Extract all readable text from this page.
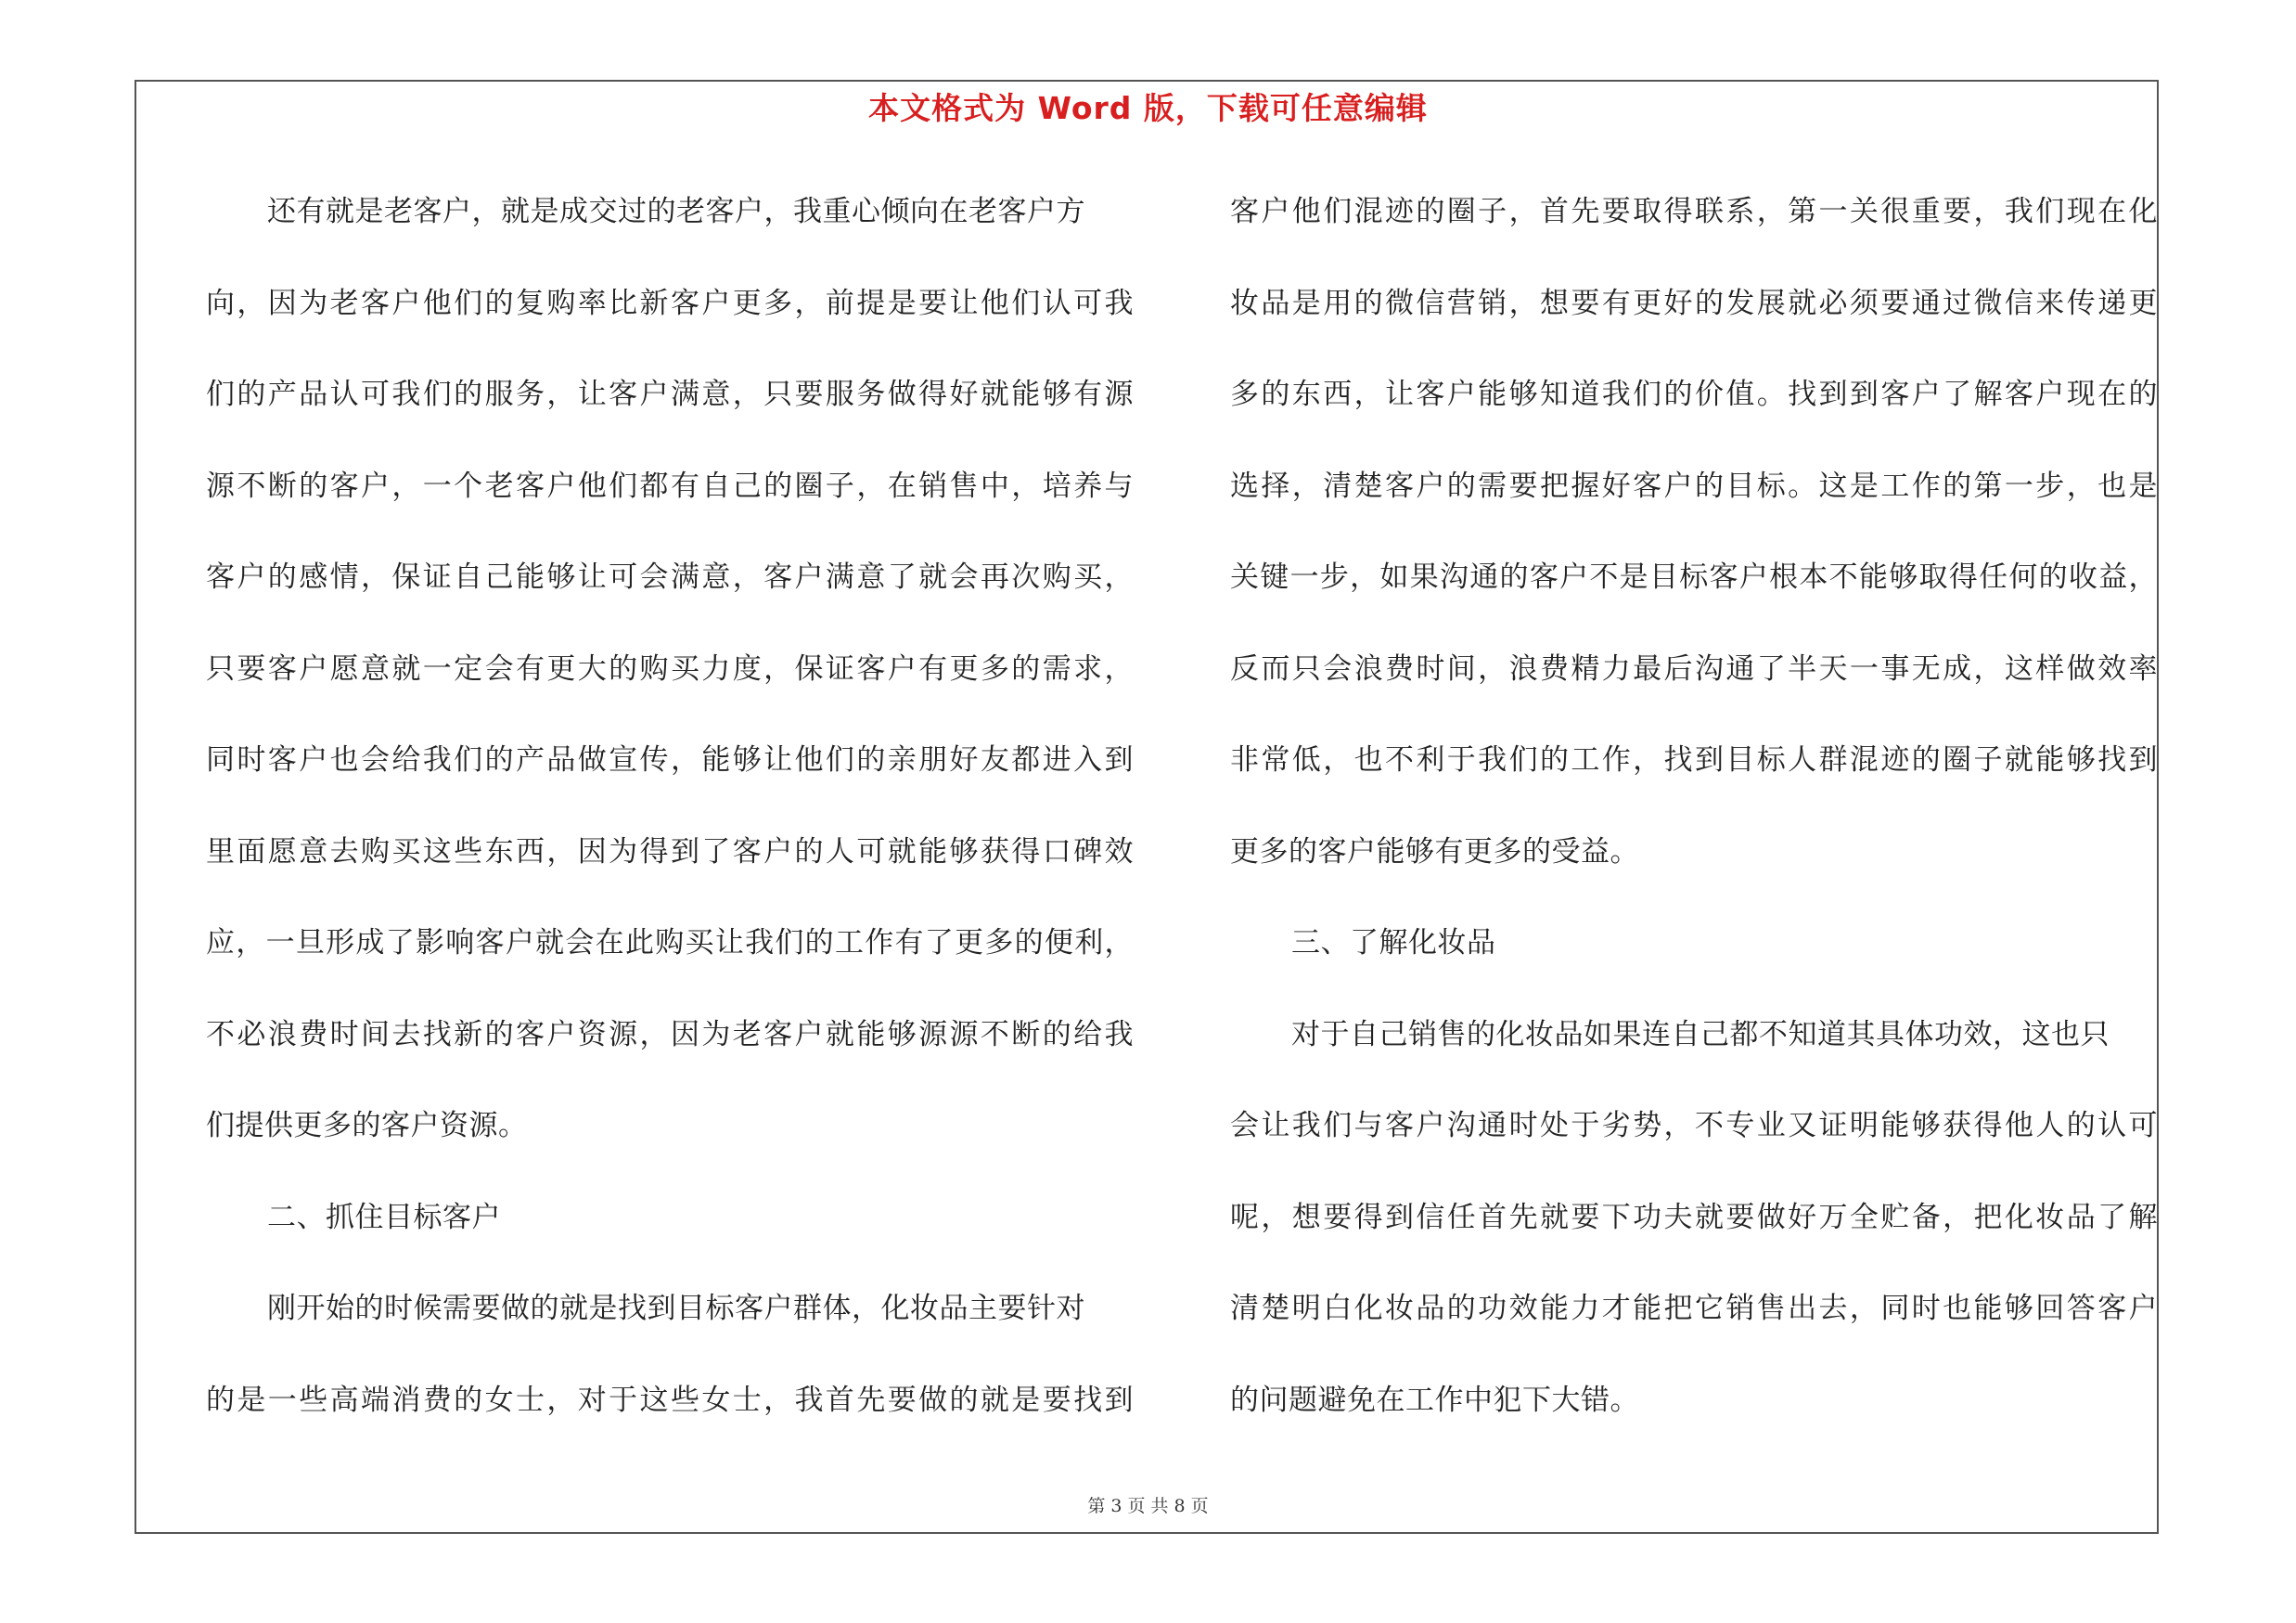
本文格式为 Word 版，下载可任意编辑
还有就是老客户，就是成交过的老客户，我重心倾向在老客户方
向，因为老客户他们的复购率比新客户更多，前提是要让他们认可我
们的产品认可我们的服务，让客户满意，只要服务做得好就能够有源
源不断的客户，一个老客户他们都有自己的圈子，在销售中，培养与
客户的感情，保证自己能够让可会满意，客户满意了就会再次购买，
只要客户愿意就一定会有更大的购买力度，保证客户有更多的需求，
同时客户也会给我们的产品做宣传，能够让他们的亲朋好友都进入到
里面愿意去购买这些东西，因为得到了客户的人可就能够获得口碑效
应，一旦形成了影响客户就会在此购买让我们的工作有了更多的便利，
不必浪费时间去找新的客户资源，因为老客户就能够源源不断的给我
们提供更多的客户资源。
二、抓住目标客户
刚开始的时候需要做的就是找到目标客户群体，化妆品主要针对
的是一些高端消费的女士，对于这些女士，我首先要做的就是要找到
客户他们混迹的圈子，首先要取得联系，第一关很重要，我们现在化
妆品是用的微信营销，想要有更好的发展就必须要通过微信来传递更
多的东西，让客户能够知道我们的价值。找到到客户了解客户现在的
选择，清楚客户的需要把握好客户的目标。这是工作的第一步，也是
关键一步，如果沟通的客户不是目标客户根本不能够取得任何的收益，
反而只会浪费时间，浪费精力最后沟通了半天一事无成，这样做效率
非常低，也不利于我们的工作，找到目标人群混迹的圈子就能够找到
更多的客户能够有更多的受益。
三、了解化妆品
对于自己销售的化妆品如果连自己都不知道其具体功效，这也只
会让我们与客户沟通时处于劣势，不专业又证明能够获得他人的认可
呢，想要得到信任首先就要下功夫就要做好万全贮备，把化妆品了解
清楚明白化妆品的功效能力才能把它销售出去，同时也能够回答客户
的问题避免在工作中犯下大错。
第 3 页 共 8 页
